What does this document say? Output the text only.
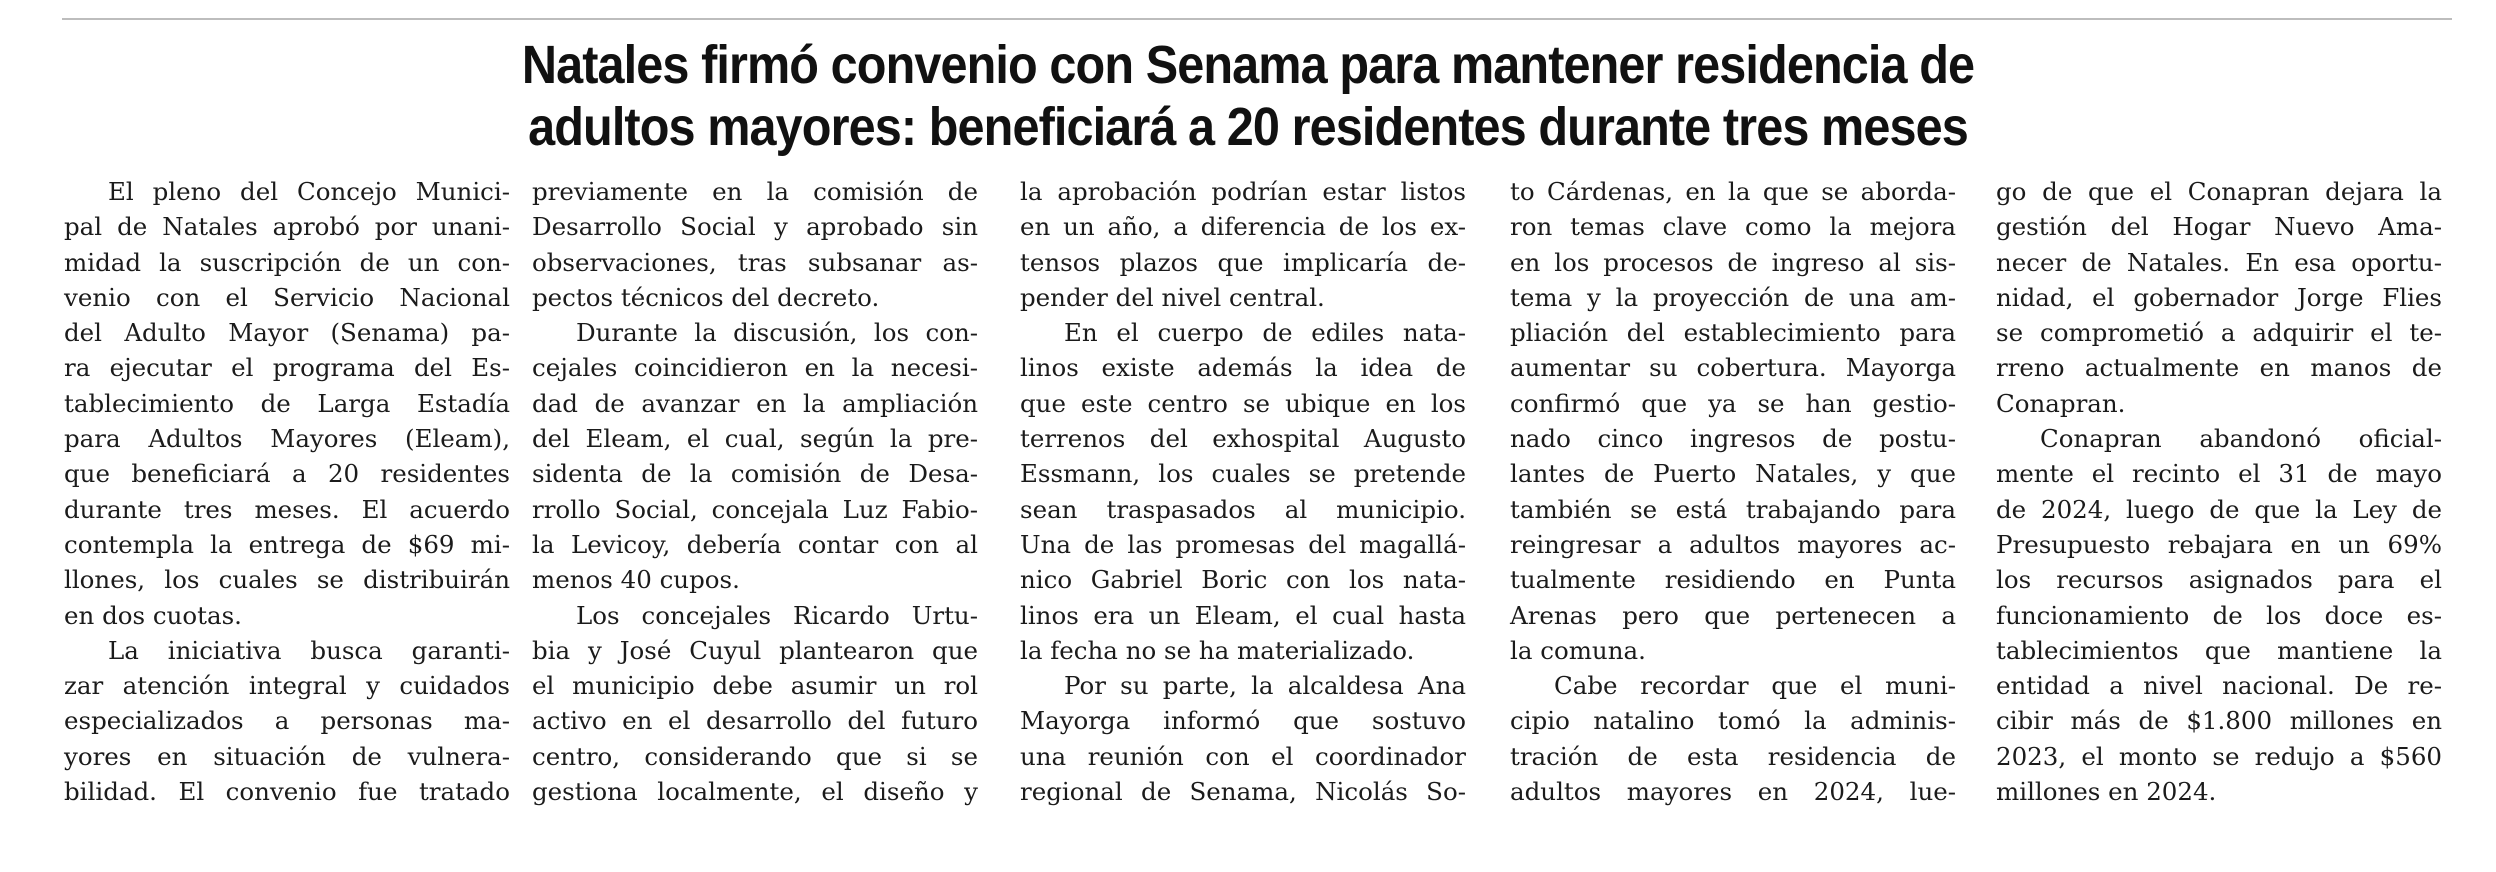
Natales firmó convenio con Senama para mantener residencia de
adultos mayores: beneficiará a 20 residentes durante tres meses
El pleno del Concejo Munici-
pal de Natales aprobó por unani-
midad la suscripción de un con-
venio con el Servicio Nacional
del Adulto Mayor (Senama) pa-
ra ejecutar el programa del Es-
tablecimiento de Larga Estadía
para Adultos Mayores (Eleam),
que beneficiará a 20 residentes
durante tres meses. El acuerdo
contempla la entrega de $69 mi-
llones, los cuales se distribuirán
en dos cuotas.
La iniciativa busca garanti-
zar atención integral y cuidados
especializados a personas ma-
yores en situación de vulnera-
bilidad. El convenio fue tratado
previamente en la comisión de
Desarrollo Social y aprobado sin
observaciones, tras subsanar as-
pectos técnicos del decreto.
Durante la discusión, los con-
cejales coincidieron en la necesi-
dad de avanzar en la ampliación
del Eleam, el cual, según la pre-
sidenta de la comisión de Desa-
rrollo Social, concejala Luz Fabio-
la Levicoy, debería contar con al
menos 40 cupos.
Los concejales Ricardo Urtu-
bia y José Cuyul plantearon que
el municipio debe asumir un rol
activo en el desarrollo del futuro
centro, considerando que si se
gestiona localmente, el diseño y
la aprobación podrían estar listos
en un año, a diferencia de los ex-
tensos plazos que implicaría de-
pender del nivel central.
En el cuerpo de ediles nata-
linos existe además la idea de
que este centro se ubique en los
terrenos del exhospital Augusto
Essmann, los cuales se pretende
sean traspasados al municipio.
Una de las promesas del magallá-
nico Gabriel Boric con los nata-
linos era un Eleam, el cual hasta
la fecha no se ha materializado.
Por su parte, la alcaldesa Ana
Mayorga informó que sostuvo
una reunión con el coordinador
regional de Senama, Nicolás So-
to Cárdenas, en la que se aborda-
ron temas clave como la mejora
en los procesos de ingreso al sis-
tema y la proyección de una am-
pliación del establecimiento para
aumentar su cobertura. Mayorga
confirmó que ya se han gestio-
nado cinco ingresos de postu-
lantes de Puerto Natales, y que
también se está trabajando para
reingresar a adultos mayores ac-
tualmente residiendo en Punta
Arenas pero que pertenecen a
la comuna.
Cabe recordar que el muni-
cipio natalino tomó la adminis-
tración de esta residencia de
adultos mayores en 2024, lue-
go de que el Conapran dejara la
gestión del Hogar Nuevo Ama-
necer de Natales. En esa oportu-
nidad, el gobernador Jorge Flies
se comprometió a adquirir el te-
rreno actualmente en manos de
Conapran.
Conapran abandonó oficial-
mente el recinto el 31 de mayo
de 2024, luego de que la Ley de
Presupuesto rebajara en un 69%
los recursos asignados para el
funcionamiento de los doce es-
tablecimientos que mantiene la
entidad a nivel nacional. De re-
cibir más de $1.800 millones en
2023, el monto se redujo a $560
millones en 2024.
